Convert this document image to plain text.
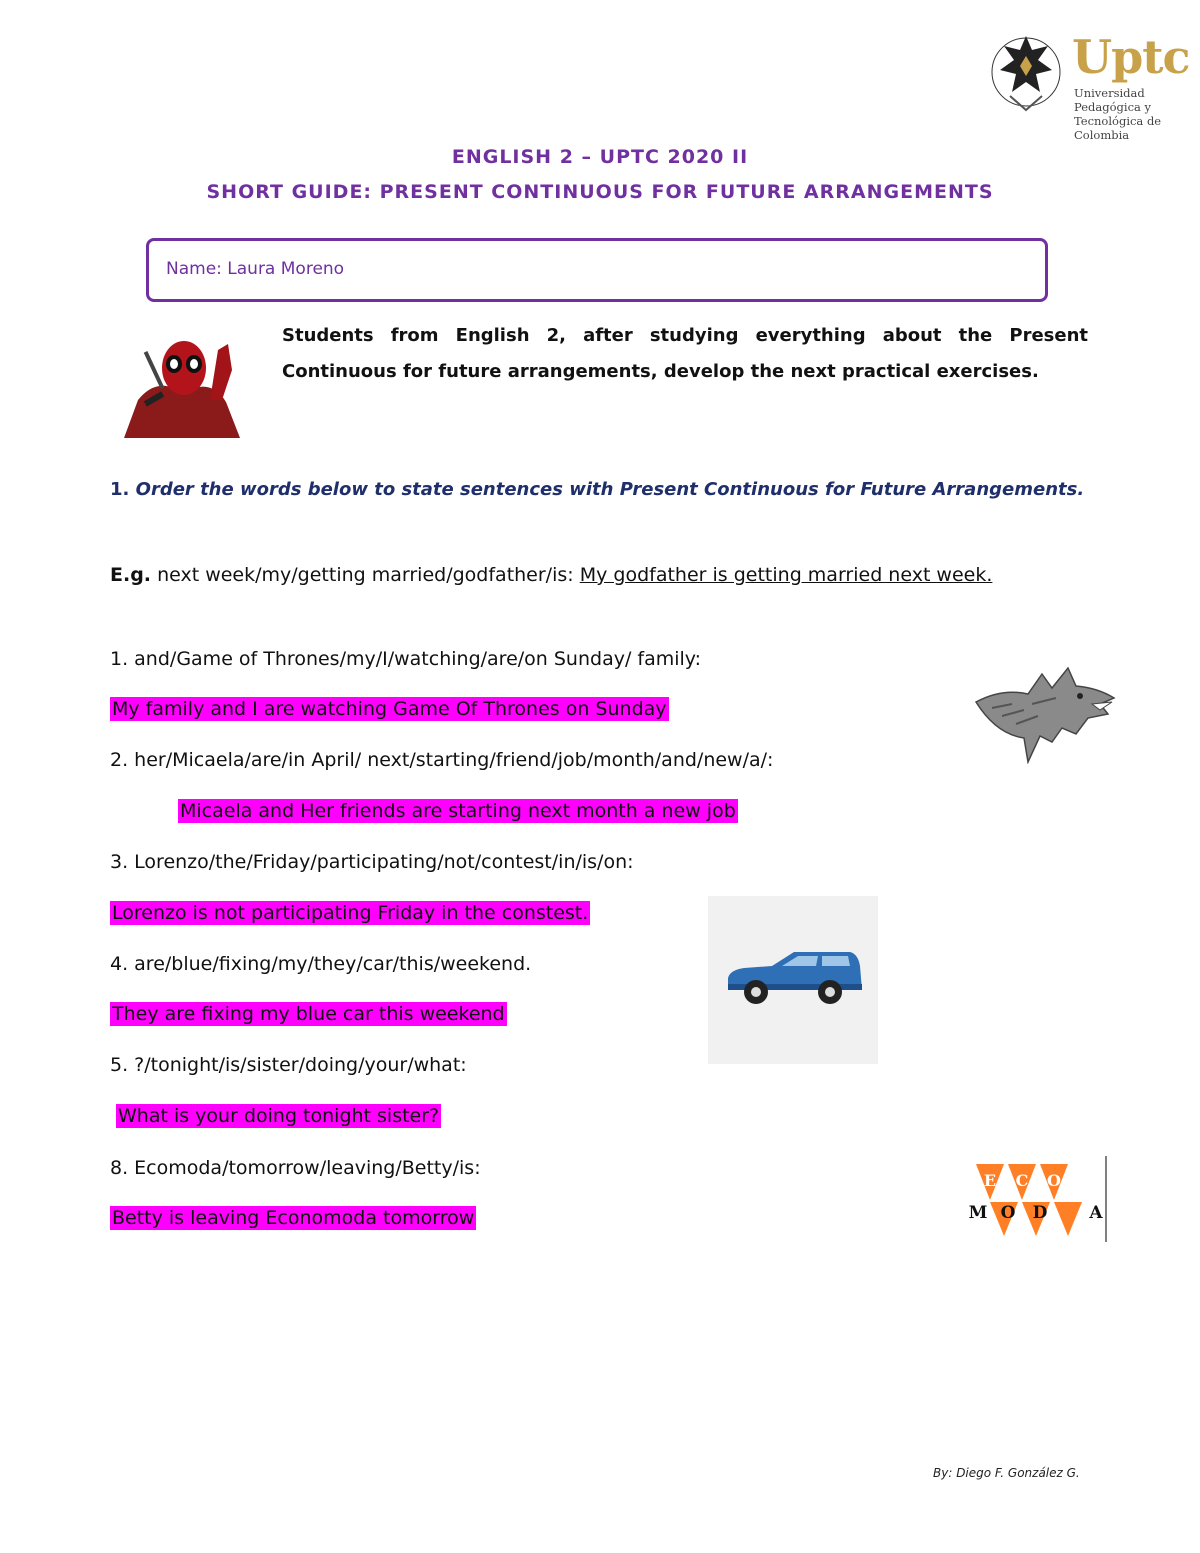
Uptc
Universidad Pedagógica y
Tecnológica de Colombia
ENGLISH 2 – UPTC 2020 II
SHORT GUIDE: PRESENT CONTINUOUS FOR FUTURE ARRANGEMENTS
Name: Laura Moreno
Students from English 2, after studying everything about the Present Continuous for future arrangements, develop the next practical exercises.
1. Order the words below to state sentences with Present Continuous for Future Arrangements.
E.g. next week/my/getting married/godfather/is: My godfather is getting married next week.
1. and/Game of Thrones/my/I/watching/are/on Sunday/ family:
My family and I are watching Game Of Thrones on Sunday
2. her/Micaela/are/in April/ next/starting/friend/job/month/and/new/a/:
Micaela and Her friends are starting next month a new job
3. Lorenzo/the/Friday/participating/not/contest/in/is/on:
Lorenzo is not participating Friday in the constest.
4. are/blue/fixing/my/they/car/this/weekend.
They are fixing my blue car this weekend
5. ?/tonight/is/sister/doing/your/what:
What is your doing tonight sister?
8. Ecomoda/tomorrow/leaving/Betty/is:
Betty is leaving Economoda tomorrow
E C O
M O D A
By: Diego F. González G.
